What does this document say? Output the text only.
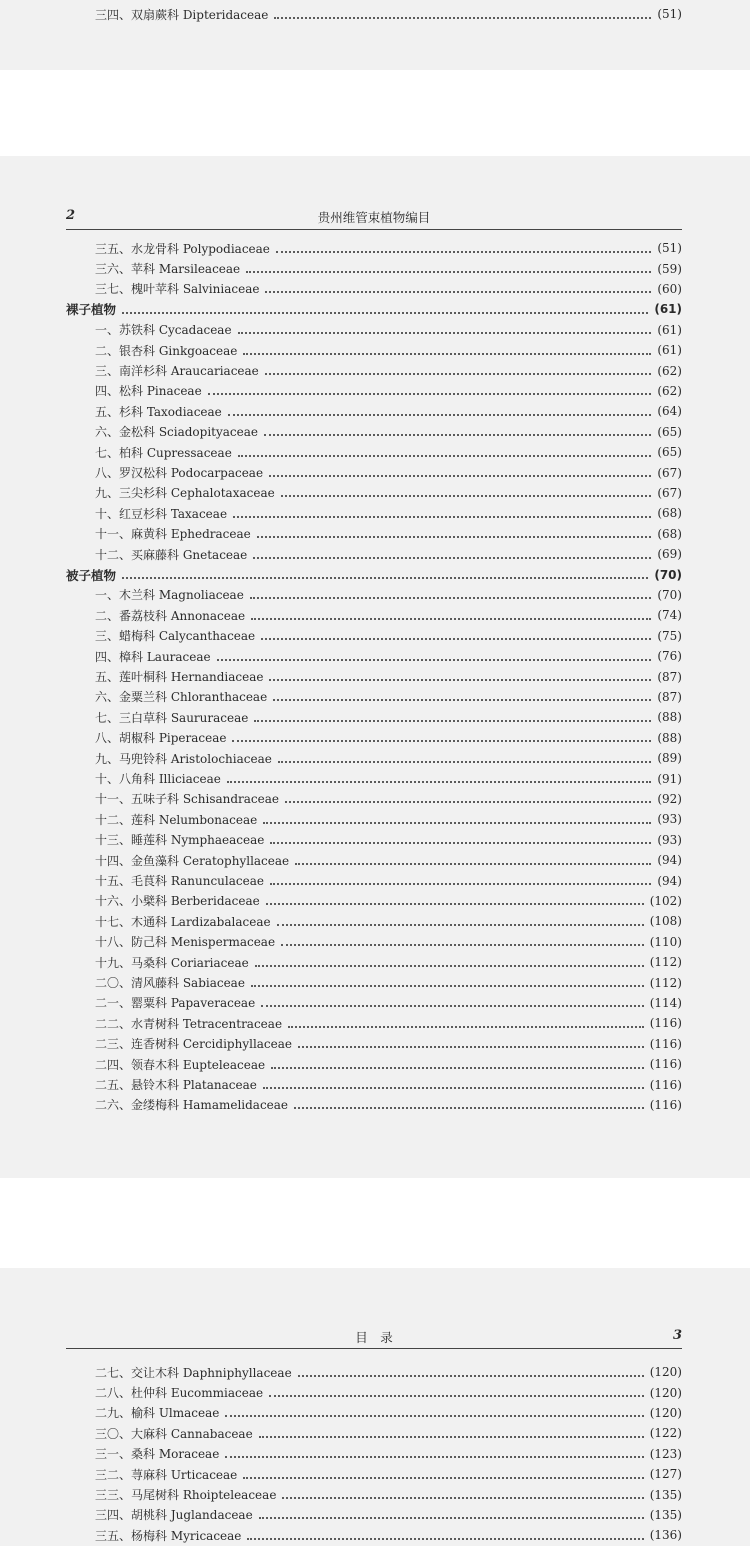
三四、双扇蕨科 Dipteridaceae	(51)
2	贵州维管束植物编目
三五、水龙骨科 Polypodiaceae	(51)
三六、苹科 Marsileaceae	(59)
三七、槐叶苹科 Salviniaceae	(60)
裸子植物	(61)
一、苏铁科 Cycadaceae	(61)
二、银杏科 Ginkgoaceae	(61)
三、南洋杉科 Araucariaceae	(62)
四、松科 Pinaceae	(62)
五、杉科 Taxodiaceae	(64)
六、金松科 Sciadopityaceae	(65)
七、柏科 Cupressaceae	(65)
八、罗汉松科 Podocarpaceae	(67)
九、三尖杉科 Cephalotaxaceae	(67)
十、红豆杉科 Taxaceae	(68)
十一、麻黄科 Ephedraceae	(68)
十二、买麻藤科 Gnetaceae	(69)
被子植物	(70)
一、木兰科 Magnoliaceae	(70)
二、番荔枝科 Annonaceae	(74)
三、蜡梅科 Calycanthaceae	(75)
四、樟科 Lauraceae	(76)
五、莲叶桐科 Hernandiaceae	(87)
六、金粟兰科 Chloranthaceae	(87)
七、三白草科 Saururaceae	(88)
八、胡椒科 Piperaceae	(88)
九、马兜铃科 Aristolochiaceae	(89)
十、八角科 Illiciaceae	(91)
十一、五味子科 Schisandraceae	(92)
十二、莲科 Nelumbonaceae	(93)
十三、睡莲科 Nymphaeaceae	(93)
十四、金鱼藻科 Ceratophyllaceae	(94)
十五、毛茛科 Ranunculaceae	(94)
十六、小檗科 Berberidaceae	(102)
十七、木通科 Lardizabalaceae	(108)
十八、防己科 Menispermaceae	(110)
十九、马桑科 Coriariaceae	(112)
二〇、清风藤科 Sabiaceae	(112)
二一、罂粟科 Papaveraceae	(114)
二二、水青树科 Tetracentraceae	(116)
二三、连香树科 Cercidiphyllaceae	(116)
二四、领春木科 Eupteleaceae	(116)
二五、悬铃木科 Platanaceae	(116)
二六、金缕梅科 Hamamelidaceae	(116)
目　录	3
二七、交让木科 Daphniphyllaceae	(120)
二八、杜仲科 Eucommiaceae	(120)
二九、榆科 Ulmaceae	(120)
三〇、大麻科 Cannabaceae	(122)
三一、桑科 Moraceae	(123)
三二、荨麻科 Urticaceae	(127)
三三、马尾树科 Rhoipteleaceae	(135)
三四、胡桃科 Juglandaceae	(135)
三五、杨梅科 Myricaceae	(136)
